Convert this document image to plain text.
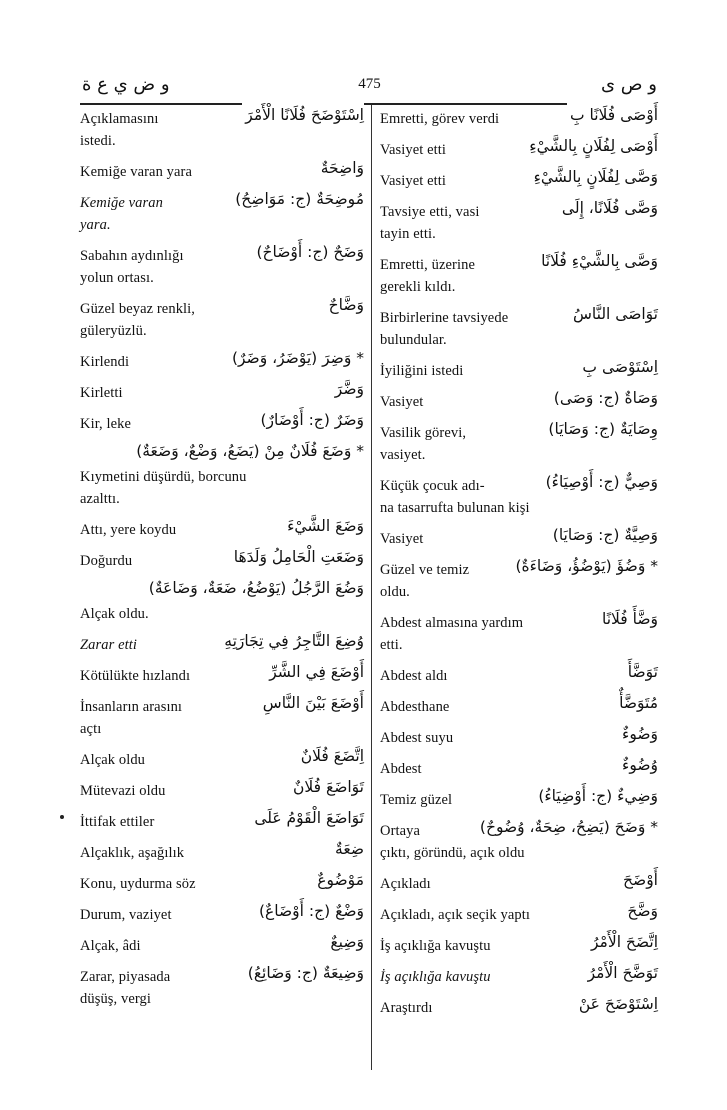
و ض ي ع ة	475	و ص ى
اِسْتَوْضَحَ فُلَانًا الْأَمْرَ
Açıklamasını
istedi.
وَاضِحَةٌ
Kemiğe varan yara
مُوضِحَةٌ (ج: مَوَاضِحُ)
Kemiğe varan
yara.
وَضَحٌ (ج: أَوْضَاحٌ)
Sabahın aydınlığı
yolun ortası.
وَضَّاحٌ
Güzel beyaz renkli,
güleryüzlü.
* وَضِرَ (يَوْضَرُ، وَضَرٌ)
Kirlendi
وَضَّرَ
Kirletti
وَضَرٌ (ج: أَوْضَارٌ)
Kir, leke
* وَضَعَ فُلَانٌ مِنْ (يَضَعُ، وَضْعٌ، وَضَعَةٌ)
Kıymetini düşürdü, borcunu
azalttı.
وَضَعَ الشَّيْءَ
Attı, yere koydu
وَضَعَتِ الْحَامِلُ وَلَدَهَا
Doğurdu
وَضُعَ الرَّجُلُ (يَوْضُعُ، ضَعَةٌ، وَضَاعَةٌ)
Alçak oldu.
وُضِعَ التَّاجِرُ فِي تِجَارَتِهِ
Zarar etti
أَوْضَعَ فِي الشَّرِّ
Kötülükte hızlandı
أَوْضَعَ بَيْنَ النَّاسِ
İnsanların arasını
açtı
اِتَّضَعَ فُلَانٌ
Alçak oldu
تَوَاضَعَ فُلَانٌ
Mütevazi oldu
تَوَاضَعَ الْقَوْمُ عَلَى
İttifak ettiler
ضِعَةٌ
Alçaklık, aşağılık
مَوْضُوعٌ
Konu, uydurma söz
وَضْعٌ (ج: أَوْضَاعٌ)
Durum, vaziyet
وَضِيعٌ
Alçak, âdi
وَضِيعَةٌ (ج: وَضَائِعُ)
Zarar, piyasada
düşüş, vergi
أَوْصَى فُلَانًا بِ
Emretti, görev verdi
أَوْصَى لِفُلَانٍ بِالشَّيْءِ
Vasiyet etti
وَصَّى لِفُلَانٍ بِالشَّيْءِ
Vasiyet etti
وَصَّى فُلَانًا، إِلَى
Tavsiye etti, vasi
tayin etti.
وَصَّى بِالشَّيْءِ فُلَانًا
Emretti, üzerine
gerekli kıldı.
تَوَاصَى النَّاسُ
Birbirlerine tavsiyede
bulundular.
اِسْتَوْصَى بِ
İyiliğini istedi
وَصَاةٌ (ج: وَصَى)
Vasiyet
وِصَايَةٌ (ج: وَصَايَا)
Vasilik görevi,
vasiyet.
وَصِيٌّ (ج: أَوْصِيَاءُ)
Küçük çocuk adı-
na tasarrufta bulunan kişi
وَصِيَّةٌ (ج: وَصَايَا)
Vasiyet
* وَضُؤَ (يَوْضُؤُ، وَضَاءَةٌ)
Güzel ve temiz
oldu.
وَضَّأَ فُلَانًا
Abdest almasına yardım
etti.
تَوَضَّأَ
Abdest aldı
مُتَوَضَّأٌ
Abdesthane
وَضُوءٌ
Abdest suyu
وُضُوءٌ
Abdest
وَضِيءٌ (ج: أَوْضِيَاءُ)
Temiz güzel
* وَضَحَ (يَضِحُ، ضِحَةٌ، وُضُوحٌ)
Ortaya
çıktı, göründü, açık oldu
أَوْضَحَ
Açıkladı
وَضَّحَ
Açıkladı, açık seçik yaptı
اِتَّضَحَ الْأَمْرُ
İş açıklığa kavuştu
تَوَضَّحَ الْأَمْرُ
İş açıklığa kavuştu
اِسْتَوْضَحَ عَنْ
Araştırdı
